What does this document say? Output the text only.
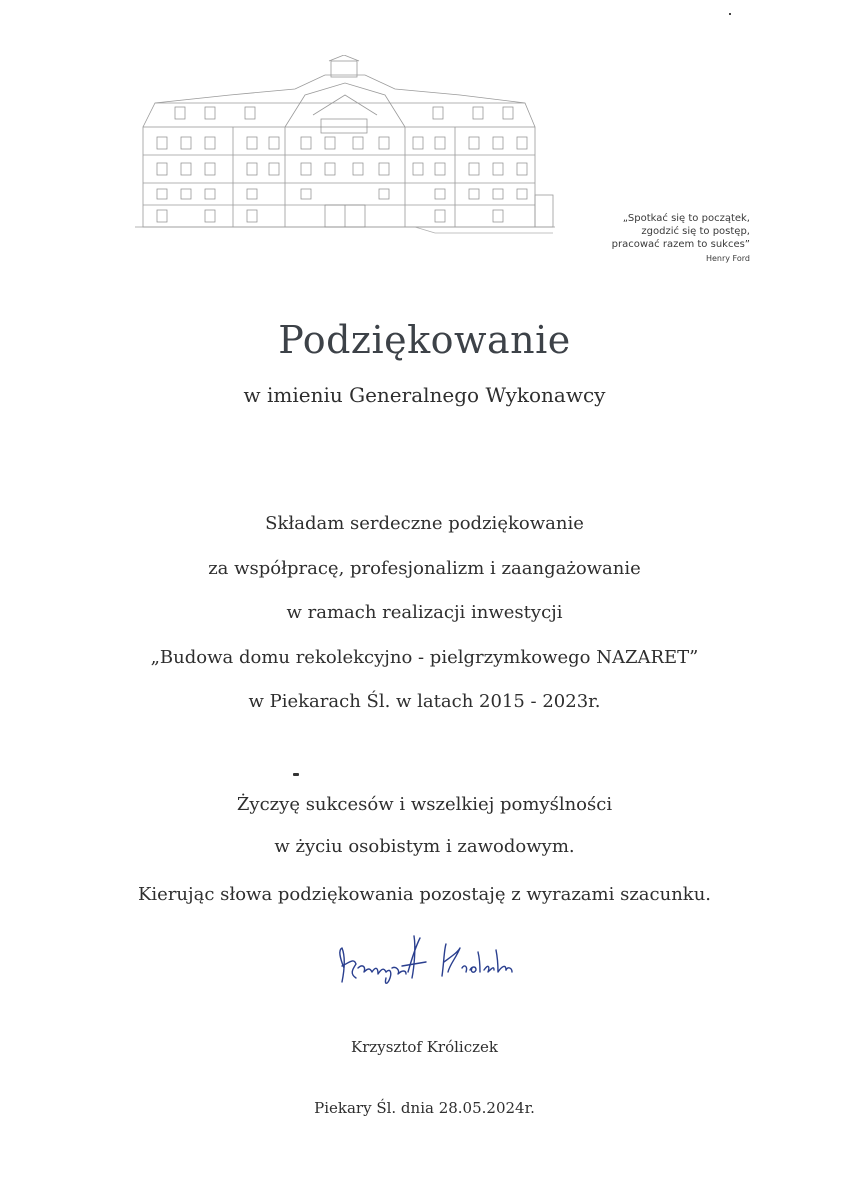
„Spotkać się to początek,
zgodzić się to postęp,
pracować razem to sukces”
Henry Ford
Podziękowanie
w imieniu Generalnego Wykonawcy
Składam serdeczne podziękowanie
za współpracę, profesjonalizm i zaangażowanie
w ramach realizacji inwestycji
„Budowa domu rekolekcyjno - pielgrzymkowego NAZARET”
w Piekarach Śl. w latach 2015 - 2023r.
Życzyę sukcesów i wszelkiej pomyślności
w życiu osobistym i zawodowym.
Kierując słowa podziękowania pozostaję z wyrazami szacunku.
Krzysztof Króliczek
Piekary Śl. dnia 28.05.2024r.
